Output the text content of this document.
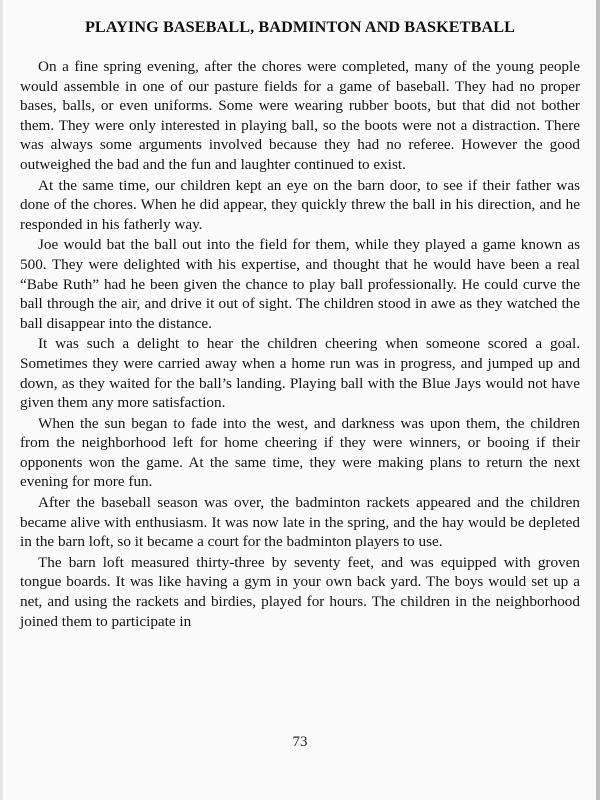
PLAYING BASEBALL, BADMINTON AND BASKETBALL

On a fine spring evening, after the chores were completed, many of the young people would assemble in one of our pasture fields for a game of baseball. They had no proper bases, balls, or even uniforms. Some were wearing rubber boots, but that did not bother them. They were only interested in playing ball, so the boots were not a distraction. There was always some arguments involved because they had no referee. However the good outweighed the bad and the fun and laughter continued to exist.

At the same time, our children kept an eye on the barn door, to see if their father was done of the chores. When he did appear, they quickly threw the ball in his direction, and he responded in his fatherly way.

Joe would bat the ball out into the field for them, while they played a game known as 500. They were delighted with his expertise, and thought that he would have been a real “Babe Ruth” had he been given the chance to play ball professionally. He could curve the ball through the air, and drive it out of sight. The children stood in awe as they watched the ball disappear into the distance.

It was such a delight to hear the children cheering when someone scored a goal. Sometimes they were carried away when a home run was in progress, and jumped up and down, as they waited for the ball’s landing. Playing ball with the Blue Jays would not have given them any more satisfaction.

When the sun began to fade into the west, and darkness was upon them, the children from the neighborhood left for home cheering if they were winners, or booing if their opponents won the game. At the same time, they were making plans to return the next evening for more fun.

After the baseball season was over, the badminton rackets appeared and the children became alive with enthusiasm. It was now late in the spring, and the hay would be depleted in the barn loft, so it became a court for the badminton players to use.

The barn loft measured thirty-three by seventy feet, and was equipped with groven tongue boards. It was like having a gym in your own back yard. The boys would set up a net, and using the rackets and birdies, played for hours. The children in the neighborhood joined them to participate in

73
